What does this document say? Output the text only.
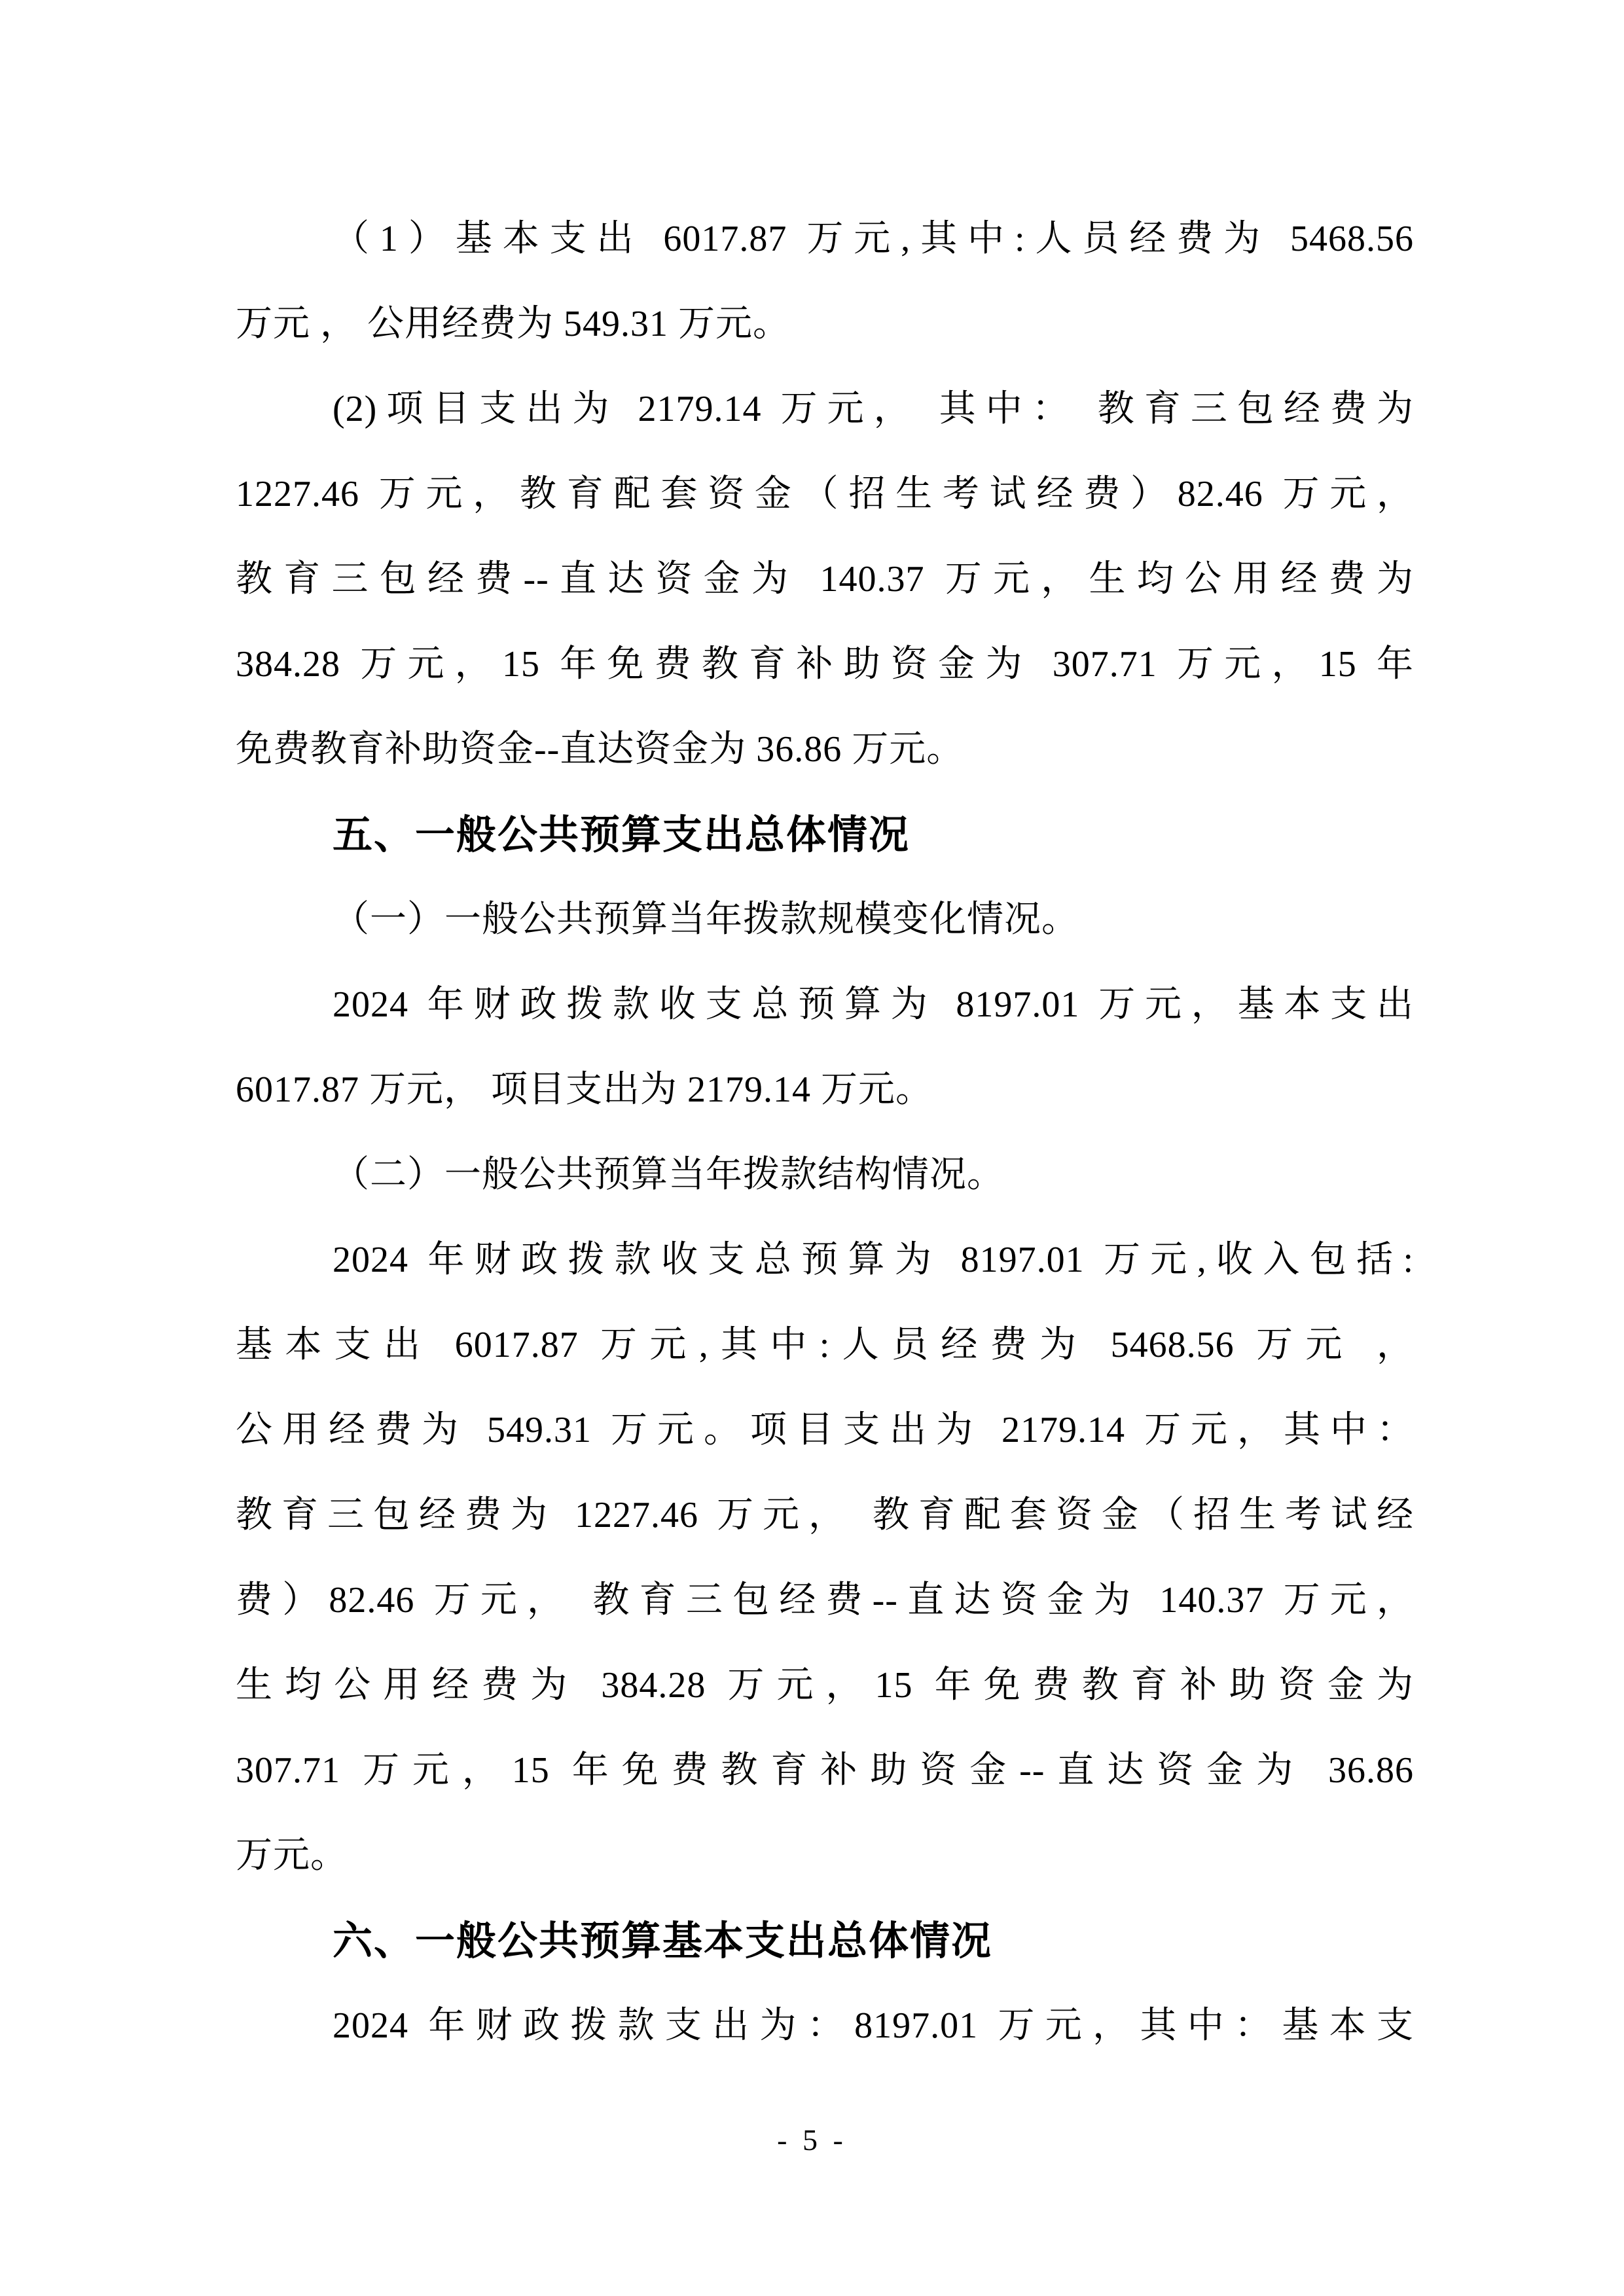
（1）基本支出 6017.87 万元,其中:人员经费为 5468.56
万元 ， 公用经费为 549.31 万元。
(2)项目支出为 2179.14 万元， 其中： 教育三包经费为
1227.46 万元，教育配套资金（招生考试经费）82.46 万元，
教育三包经费--直达资金为 140.37 万元，生均公用经费为
384.28 万元，15 年免费教育补助资金为 307.71 万元，15 年
免费教育补助资金--直达资金为 36.86 万元。
五、一般公共预算支出总体情况
（一）一般公共预算当年拨款规模变化情况。
2024 年财政拨款收支总预算为 8197.01 万元，基本支出
6017.87 万元， 项目支出为 2179.14 万元。
（二）一般公共预算当年拨款结构情况。
2024 年财政拨款收支总预算为 8197.01 万元,收入包括:
基本支出 6017.87 万元,其中:人员经费为 5468.56 万元 ，
公用经费为 549.31 万元。项目支出为 2179.14 万元，其中：
教育三包经费为 1227.46 万元， 教育配套资金（招生考试经
费）82.46 万元， 教育三包经费--直达资金为 140.37 万元，
生均公用经费为 384.28 万元，15 年免费教育补助资金为
307.71 万元，15 年免费教育补助资金--直达资金为 36.86
万元。
六、一般公共预算基本支出总体情况
2024 年财政拨款支出为：8197.01 万元，其中：基本支
- 5 -
